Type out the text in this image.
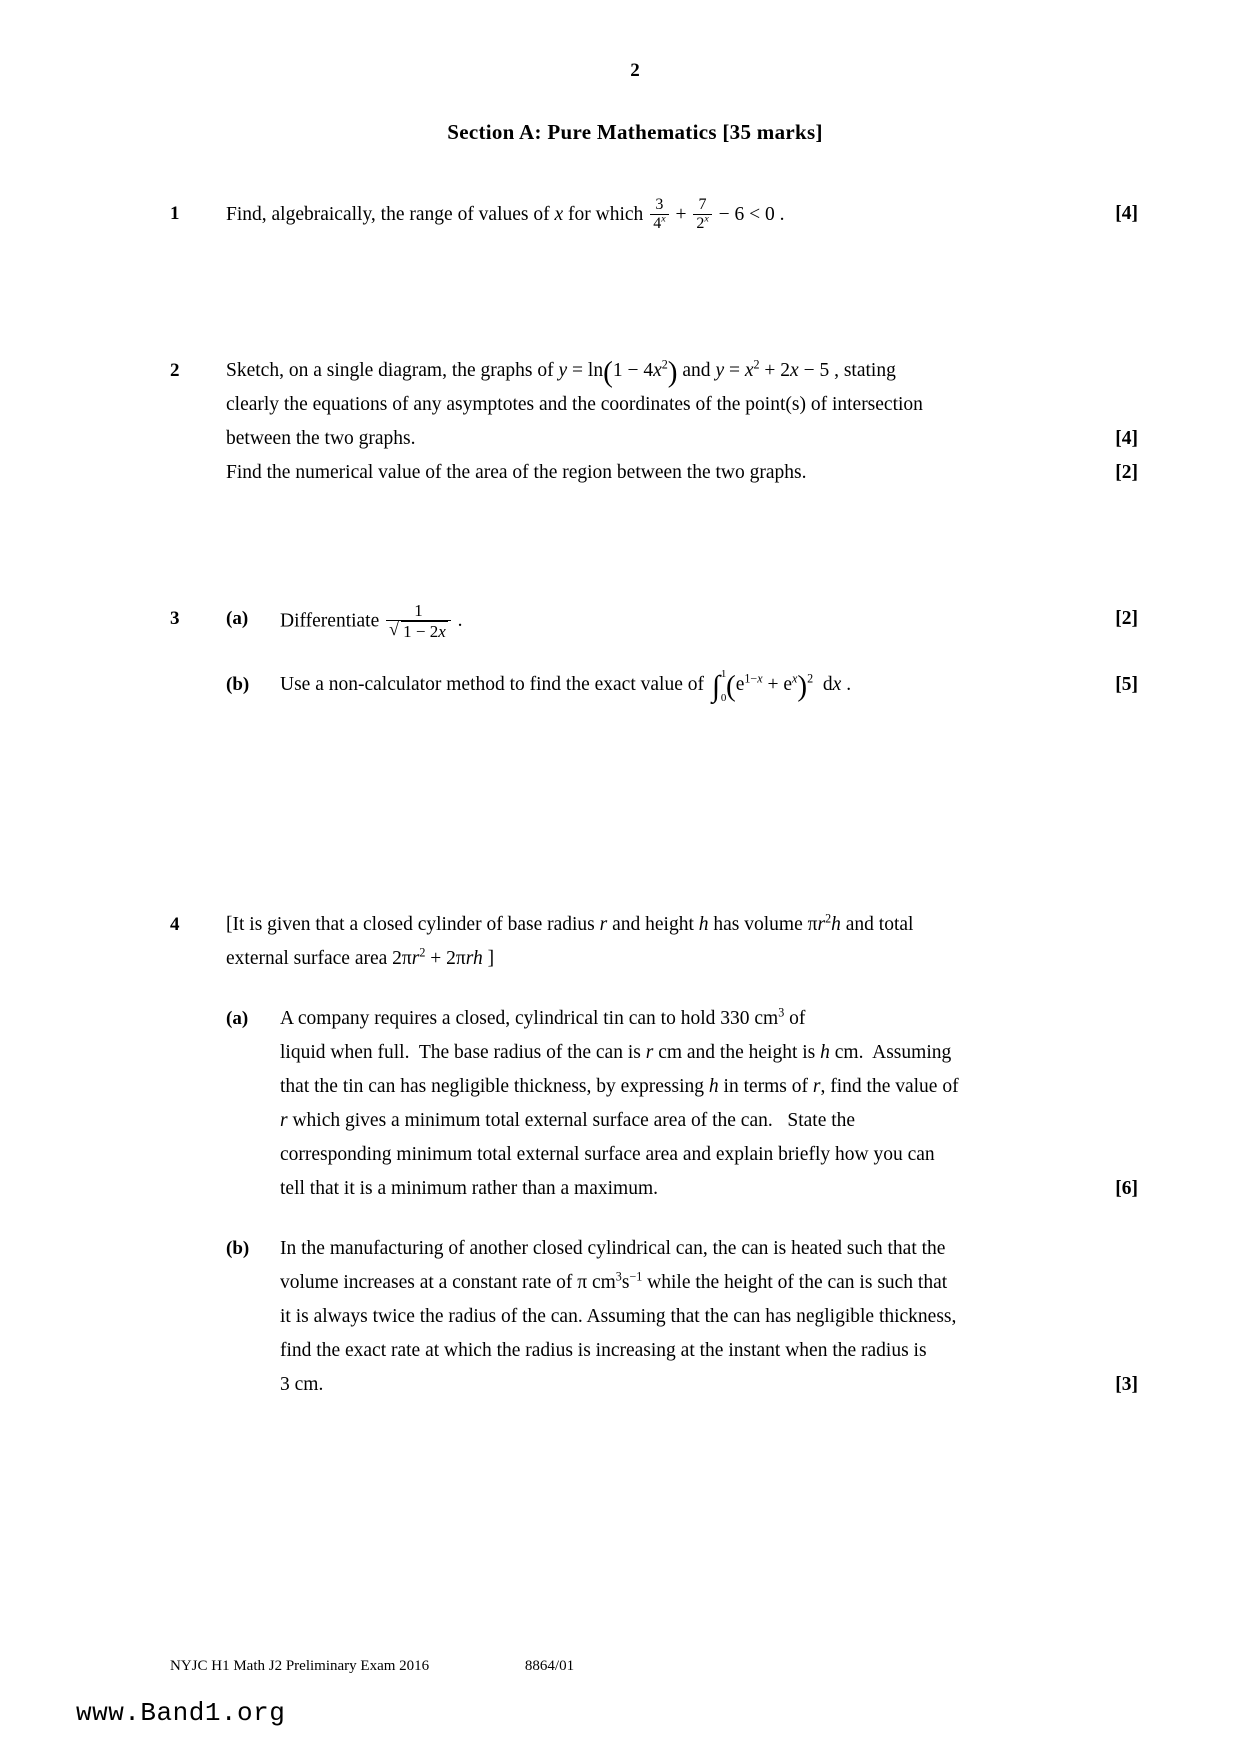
2
Section A: Pure Mathematics [35 marks]
1	Find, algebraically, the range of values of x for which $\frac{3}{4^x} + \frac{7}{2^x} - 6 < 0$ .	[4]
2	Sketch, on a single diagram, the graphs of $y = \ln(1 - 4x^2)$ and $y = x^2 + 2x - 5$ , stating
clearly the equations of any asymptotes and the coordinates of the point(s) of intersection
between the two graphs.	[4]
Find the numerical value of the area of the region between the two graphs.	[2]
3	(a)	Differentiate 1
√ 1 − 2x .	[2]
(b)	Use a non-calculator method to find the exact value of ∫ 1
0 $(e^{1-x} + e^x)^2$  dx .	[5]
4	[It is given that a closed cylinder of base radius r and height h has volume $\pi r^2h$ and total
external surface area $2\pi r^2 + 2\pi rh$ ]
(a)	A company requires a closed, cylindrical tin can to hold 330 $cm^3$ of
liquid when full.  The base radius of the can is r cm and the height is h cm.  Assuming
that the tin can has negligible thickness, by expressing h in terms of r, find the value of
r which gives a minimum total external surface area of the can.   State the
corresponding minimum total external surface area and explain briefly how you can
tell that it is a minimum rather than a maximum.	[6]
(b)	In the manufacturing of another closed cylindrical can, the can is heated such that the
volume increases at a constant rate of π $cm^3s^{-1}$ while the height of the can is such that
it is always twice the radius of the can. Assuming that the can has negligible thickness,
find the exact rate at which the radius is increasing at the instant when the radius is
3 cm.	[3]
NYJC H1 Math J2 Preliminary Exam 2016	8864/01
www.Band1.org
